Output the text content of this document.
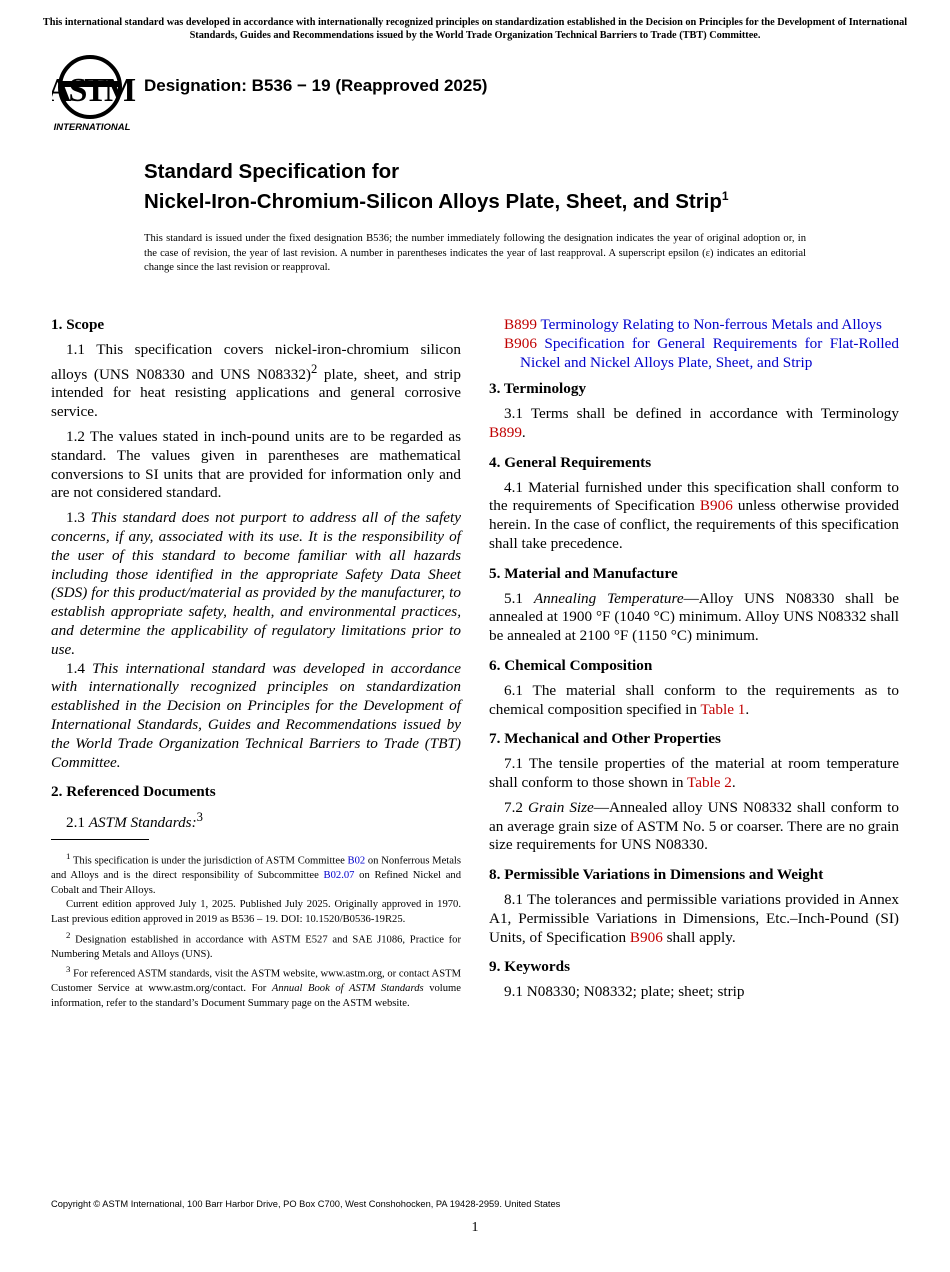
This international standard was developed in accordance with internationally recognized principles on standardization established in the Decision on Principles for the Development of International Standards, Guides and Recommendations issued by the World Trade Organization Technical Barriers to Trade (TBT) Committee.
ASTM
INTERNATIONAL
Designation: B536 − 19 (Reapproved 2025)
Standard Specification for
Nickel-Iron-Chromium-Silicon Alloys Plate, Sheet, and Strip$^1$
This standard is issued under the fixed designation B536; the number immediately following the designation indicates the year of original adoption or, in the case of revision, the year of last revision. A number in parentheses indicates the year of last reapproval. A superscript epsilon (ε) indicates an editorial change since the last revision or reapproval.
1. Scope

1.1 This specification covers nickel-iron-chromium silicon alloys (UNS N08330 and UNS N08332)$^2$ plate, sheet, and strip intended for heat resisting applications and general corrosive service.

1.2 The values stated in inch-pound units are to be regarded as standard. The values given in parentheses are mathematical conversions to SI units that are provided for information only and are not considered standard.

1.3 This standard does not purport to address all of the safety concerns, if any, associated with its use. It is the responsibility of the user of this standard to become familiar with all hazards including those identified in the appropriate Safety Data Sheet (SDS) for this product/material as provided by the manufacturer, to establish appropriate safety, health, and environmental practices, and determine the applicability of regulatory limitations prior to use.

1.4 This international standard was developed in accordance with internationally recognized principles on standardization established in the Decision on Principles for the Development of International Standards, Guides and Recommendations issued by the World Trade Organization Technical Barriers to Trade (TBT) Committee.

2. Referenced Documents

2.1 ASTM Standards:$^3$

$^1$ This specification is under the jurisdiction of ASTM Committee B02 on Nonferrous Metals and Alloys and is the direct responsibility of Subcommittee B02.07 on Refined Nickel and Cobalt and Their Alloys.

Current edition approved July 1, 2025. Published July 2025. Originally approved in 1970. Last previous edition approved in 2019 as B536 – 19. DOI: 10.1520/B0536-19R25.

$^2$ Designation established in accordance with ASTM E527 and SAE J1086, Practice for Numbering Metals and Alloys (UNS).

$^3$ For referenced ASTM standards, visit the ASTM website, www.astm.org, or contact ASTM Customer Service at www.astm.org/contact. For Annual Book of ASTM Standards volume information, refer to the standard’s Document Summary page on the ASTM website.

B899 Terminology Relating to Non-ferrous Metals and Alloys

B906 Specification for General Requirements for Flat-Rolled Nickel and Nickel Alloys Plate, Sheet, and Strip

3. Terminology

3.1 Terms shall be defined in accordance with Terminology B899.

4. General Requirements

4.1 Material furnished under this specification shall conform to the requirements of Specification B906 unless otherwise provided herein. In the case of conflict, the requirements of this specification shall take precedence.

5. Material and Manufacture

5.1 Annealing Temperature—Alloy UNS N08330 shall be annealed at 1900 °F (1040 °C) minimum. Alloy UNS N08332 shall be annealed at 2100 °F (1150 °C) minimum.

6. Chemical Composition

6.1 The material shall conform to the requirements as to chemical composition specified in Table 1.

7. Mechanical and Other Properties

7.1 The tensile properties of the material at room temperature shall conform to those shown in Table 2.

7.2 Grain Size—Annealed alloy UNS N08332 shall conform to an average grain size of ASTM No. 5 or coarser. There are no grain size requirements for UNS N08330.

8. Permissible Variations in Dimensions and Weight

8.1 The tolerances and permissible variations provided in Annex A1, Permissible Variations in Dimensions, Etc.–Inch-Pound (SI) Units, of Specification B906 shall apply.

9. Keywords

9.1 N08330; N08332; plate; sheet; strip

Copyright © ASTM International, 100 Barr Harbor Drive, PO Box C700, West Conshohocken, PA 19428-2959. United States
1
